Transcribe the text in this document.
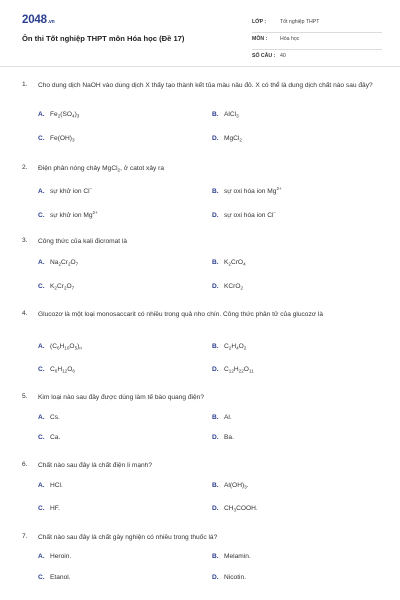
2048.vn
Ôn thi Tốt nghiệp THPT môn Hóa học (Đề 17)
LỚP :	Tốt nghiệp THPT
MÔN : Hóa học
SỐ CÂU : 40
1. Cho dung dịch NaOH vào dung dịch X thấy tạo thành kết tủa màu nâu đỏ. X có thể là dung dịch chất nào sau đây?
A. $Fe_2(SO_4)_3$	B. AlCl$_3$
C. $Fe(OH)_3$	D. MgCl$_2$
2. Điện phân nóng chảy MgCl$_2$, ở catot xảy ra
A. sự khử ion Cl−	B. sự oxi hóa ion $Mg^{2+}$
C. sự khử ion $Mg^{2+}$	D. sự oxi hóa ion Cl−
3. Công thức của kali đicromat là
A. $Na_2Cr_2O_7$	B. $K_2CrO_4$
C. $K_2Cr_2O_7$	D. KCrO$_2$
4. Glucozơ là một loại monosaccarit có nhiều trong quả nho chín. Công thức phân tử của glucozơ là
A. $(C_6H_{10}O_5)_n$	B. $C_2H_4O_2$
C. $C_6H_{12}O_6$	D. $C_{12}H_{22}O_{11}$
5. Kim loại nào sau đây được dùng làm tế bào quang điện?
A. Cs.	B. Al.
C. Ca.	D. Ba.
6. Chất nào sau đây là chất điện li mạnh?
A. HCl.	B. $Al(OH)_3$.
C. HF.	D. $CH_3COOH$.
7. Chất nào sau đây là chất gây nghiện có nhiều trong thuốc lá?
A. Heroin.	B. Melamin.
C. Etanol.	D. Nicotin.
